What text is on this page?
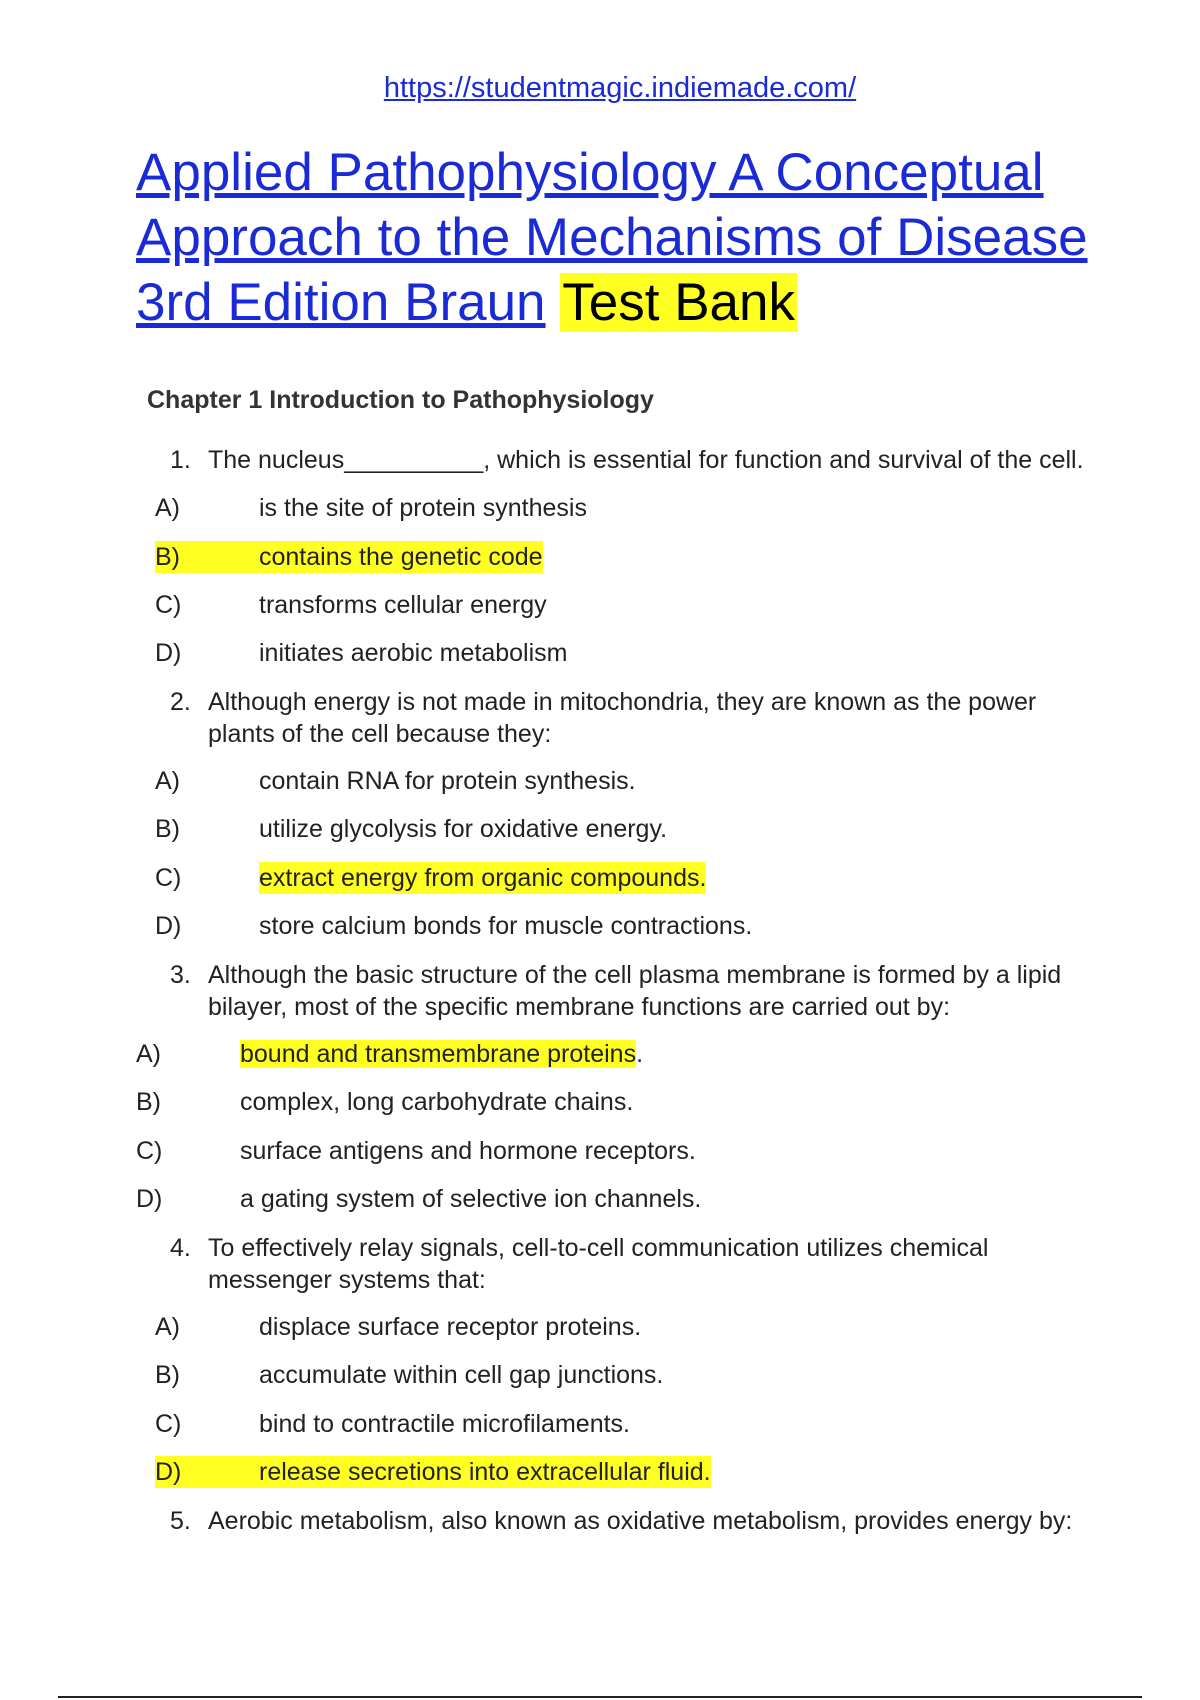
https://studentmagic.indiemade.com/
Applied Pathophysiology A Conceptual
Approach to the Mechanisms of Disease
3rd Edition Braun Test Bank
Chapter 1 Introduction to Pathophysiology
1. The nucleus__________, which is essential for function and survival of the cell.
A)	is the site of protein synthesis
B)	contains the genetic code
C)	transforms cellular energy
D)	initiates aerobic metabolism
2. Although energy is not made in mitochondria, they are known as the power plants of the cell because they:
A)	contain RNA for protein synthesis.
B)	utilize glycolysis for oxidative energy.
C)	extract energy from organic compounds.
D)	store calcium bonds for muscle contractions.
3. Although the basic structure of the cell plasma membrane is formed by a lipid bilayer, most of the specific membrane functions are carried out by:
A)	bound and transmembrane proteins.
B)	complex, long carbohydrate chains.
C)	surface antigens and hormone receptors.
D)	a gating system of selective ion channels.
4. To effectively relay signals, cell-to-cell communication utilizes chemical messenger systems that:
A)	displace surface receptor proteins.
B)	accumulate within cell gap junctions.
C)	bind to contractile microfilaments.
D)	release secretions into extracellular fluid.
5. Aerobic metabolism, also known as oxidative metabolism, provides energy by:
